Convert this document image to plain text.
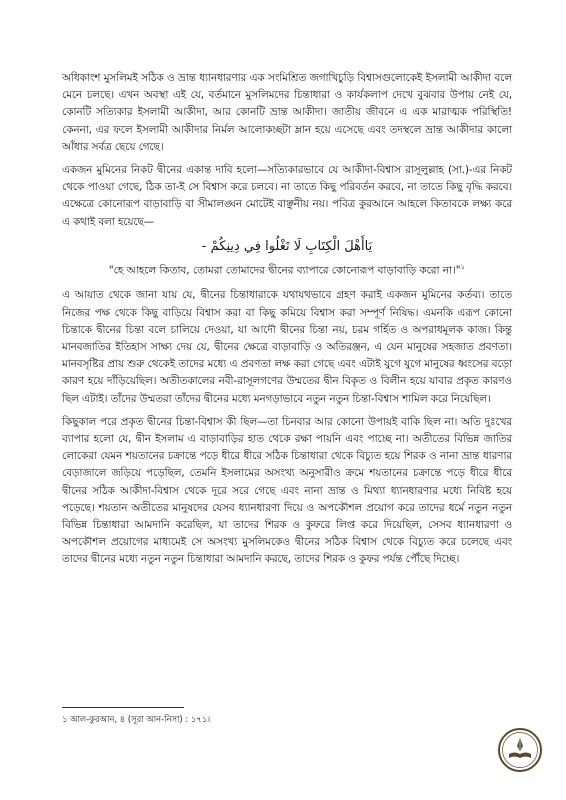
অধিকাংশ মুসলিমই সঠিক ও ভ্রান্ত ধ্যানধারণার এক সংমিশ্রিত জগাখিচুড়ি বিশ্বাসগুলোকেই ইসলামী আকীদা বলে মেনে চলছে। এখন অবস্থা এই যে, বর্তমানে মুসলিমদের চিন্তাধারা ও কার্যকলাপ দেখে বুঝবার উপায় নেই যে, কোনটি সত্যিকার ইসলামী আকীদা, আর কোনটি ভ্রান্ত আকীদা। জাতীয় জীবনে এ এক মারাত্মক পরিস্থিতি! কেননা, এর ফলে ইসলামী আকীদার নির্মল আলোকচ্ছটা ম্লান হয়ে এসেছে এবং তদস্থলে ভ্রান্ত আকীদার কালো আঁধার সর্বত্র ছেয়ে গেছে।

একজন মুমিনের নিকট দ্বীনের একান্ত দাবি হলো—সত্যিকারভাবে যে আকীদা-বিশ্বাস রাসূলুল্লাহ (সা.)-এর নিকট থেকে পাওয়া গেছে, ঠিক তা-ই সে বিশ্বাস করে চলবে। না তাতে কিছু পরিবর্তন করবে, না তাতে কিছু বৃদ্ধি করবে। এক্ষেত্রে কোনোরূপ বাড়াবাড়ি বা সীমালঙ্ঘন মোটেই বাঞ্ছনীয় নয়। পবিত্র কুরআনে আহলে কিতাবকে লক্ষ্য করে এ কথাই বলা হয়েছে—

يَاأَهْلَ الْكِتَابِ لَا تَغْلُوا فِي دِينِكُمْ -

"হে আহলে কিতাব, তোমরা তোমাদের দ্বীনের ব্যাপারে কোনোরূপ বাড়াবাড়ি করো না।"$^১$

এ আয়াত থেকে জানা যায় যে, দ্বীনের চিন্তাধারাকে যথাযথভাবে গ্রহণ করাই একজন মুমিনের কর্তব্য। তাতে নিজের পক্ষ থেকে কিছু বাড়িয়ে বিশ্বাস করা বা কিছু কমিয়ে বিশ্বাস করা সম্পূর্ণ নিষিদ্ধ। এমনকি এরূপ কোনো চিন্তাকে দ্বীনের চিন্তা বলে চালিয়ে দেওয়া, যা আদৌ দ্বীনের চিন্তা নয়, চরম গর্হিত ও অপরাধমূলক কাজ। কিন্তু মানবজাতির ইতিহাস সাক্ষ্য দেয় যে, দ্বীনের ক্ষেত্রে বাড়াবাড়ি ও অতিরঞ্জন, এ যেন মানুষের সহজাত প্রবণতা। মানবসৃষ্টির প্রায় শুরু থেকেই তাদের মধ্যে এ প্রবণতা লক্ষ করা গেছে এবং এটাই যুগে যুগে মানুষের ধ্বংসের বড়ো কারণ হয়ে দাঁড়িয়েছিল। অতীতকালের নবী-রাসূলগণের উম্মতের দ্বীন বিকৃত ও বিলীন হয়ে যাবার প্রকৃত কারণও ছিল এটাই। তাঁদের উম্মতরা তাঁদের দ্বীনের মধ্যে মনগড়াভাবে নতুন নতুন চিন্তা-বিশ্বাস শামিল করে নিয়েছিল।

কিছুকাল পরে প্রকৃত দ্বীনের চিন্তা-বিশ্বাস কী ছিল—তা চিনবার আর কোনো উপায়ই বাকি ছিল না। অতি দুঃখের ব্যাপার হলো যে, দ্বীন ইসলাম এ বাড়াবাড়ির হাত থেকে রক্ষা পায়নি এবং পাচ্ছে না। অতীতের বিভিন্ন জাতির লোকেরা যেমন শয়তানের চক্রান্তে পড়ে ধীরে ধীরে সঠিক চিন্তাধারা থেকে বিচ্যুত হয়ে শিরক ও নানা ভ্রান্ত ধারণার বেড়াজালে জড়িয়ে পড়েছিল, তেমনি ইসলামের অসংখ্য অনুসারীও ক্রমে শয়তানের চক্রান্তে পড়ে ধীরে ধীরে দ্বীনের সঠিক আকীদা-বিশ্বাস থেকে দূরে সরে গেছে এবং নানা ভ্রান্ত ও মিথ্যা ধ্যানধারণার মধ্যে নিবিষ্ট হয়ে পড়েছে। শয়তান অতীতের মানুষদের যেসব ধ্যানধারণা দিয়ে ও অপকৌশল প্রয়োগ করে তাদের ধর্মে নতুন নতুন বিভিন্ন চিন্তাধারা আমদানি করেছিল, যা তাদের শিরক ও কুফরে লিপ্ত করে দিয়েছিল, সেসব ধ্যানধারণা ও অপকৌশল প্রয়োগের মাধ্যমেই সে অসংখ্য মুসলিমকেও দ্বীনের সঠিক বিশ্বাস থেকে বিচ্যুত করে চলেছে এবং তাদের দ্বীনের মধ্যে নতুন নতুন চিন্তাধারা আমদানি করছে, তাদের শিরক ও কুফর পর্যন্ত পৌঁছে দিচ্ছে।

১ আল-কুরআন, ৪ (সূরা আন-নিসা) : ১৭১।
